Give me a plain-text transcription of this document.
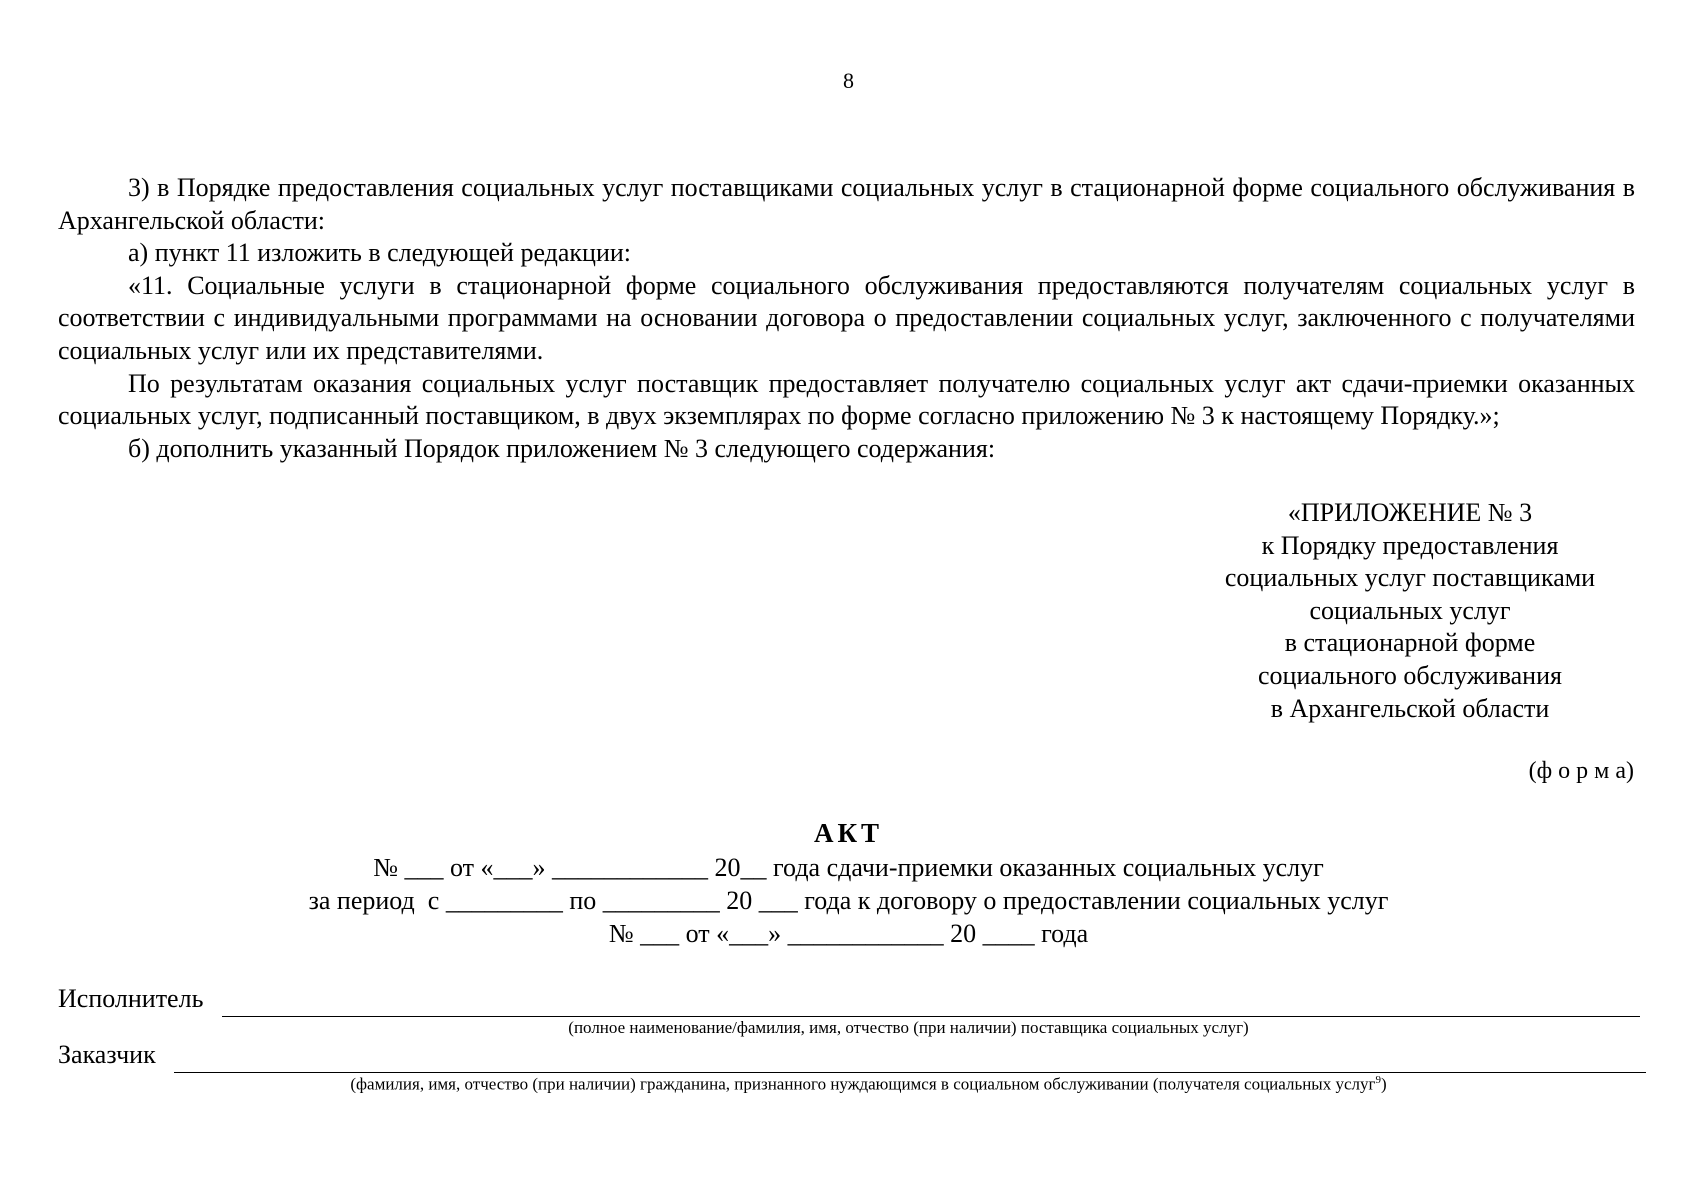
8

3) в Порядке предоставления социальных услуг поставщиками социальных услуг в стационарной форме социального обслуживания в Архангельской области:

а) пункт 11 изложить в следующей редакции:

«11. Социальные услуги в стационарной форме социального обслуживания предоставляются получателям социальных услуг в соответствии с индивидуальными программами на основании договора о предоставлении социальных услуг, заключенного с получателями социальных услуг или их представителями.

По результатам оказания социальных услуг поставщик предоставляет получателю социальных услуг акт сдачи-приемки оказанных социальных услуг, подписанный поставщиком, в двух экземплярах по форме согласно приложению № 3 к настоящему Порядку.»;

б) дополнить указанный Порядок приложением № 3 следующего содержания:

«ПРИЛОЖЕНИЕ № 3
к Порядку предоставления
социальных услуг поставщиками
социальных услуг
в стационарной форме
социального обслуживания
в Архангельской области
(ф о р м а)
АКТ
№ ___ от «___» ____________ 20__ года сдачи-приемки оказанных социальных услуг
за период  с _________ по _________ 20 ___ года к договору о предоставлении социальных услуг
№ ___ от «___» ____________ 20 ____ года
Исполнитель
(полное наименование/фамилия, имя, отчество (при наличии) поставщика социальных услуг)
Заказчик
(фамилия, имя, отчество (при наличии) гражданина, признанного нуждающимся в социальном обслуживании (получателя социальных услуг$^9$)
